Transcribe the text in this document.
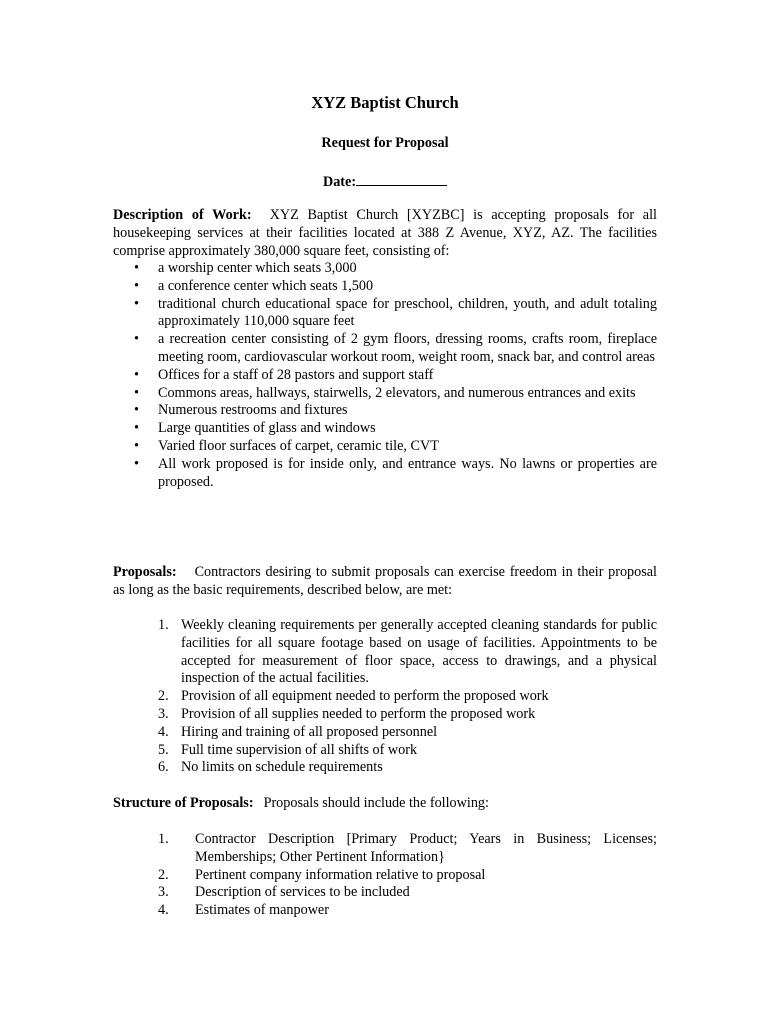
XYZ Baptist Church
Request for Proposal
Date:
Description of Work: XYZ Baptist Church [XYZBC] is accepting proposals for all housekeeping services at their facilities located at 388 Z Avenue, XYZ, AZ. The facilities comprise approximately 380,000 square feet, consisting of:
• a worship center which seats 3,000
• a conference center which seats 1,500
• traditional church educational space for preschool, children, youth, and adult totaling approximately 110,000 square feet
• a recreation center consisting of 2 gym floors, dressing rooms, crafts room, fireplace meeting room, cardiovascular workout room, weight room, snack bar, and control areas
• Offices for a staff of 28 pastors and support staff
• Commons areas, hallways, stairwells, 2 elevators, and numerous entrances and exits
• Numerous restrooms and fixtures
• Large quantities of glass and windows
• Varied floor surfaces of carpet, ceramic tile, CVT
• All work proposed is for inside only, and entrance ways. No lawns or properties are proposed.
Proposals: Contractors desiring to submit proposals can exercise freedom in their proposal as long as the basic requirements, described below, are met:
1. Weekly cleaning requirements per generally accepted cleaning standards for public facilities for all square footage based on usage of facilities. Appointments to be accepted for measurement of floor space, access to drawings, and a physical inspection of the actual facilities.
2. Provision of all equipment needed to perform the proposed work
3. Provision of all supplies needed to perform the proposed work
4. Hiring and training of all proposed personnel
5. Full time supervision of all shifts of work
6. No limits on schedule requirements
Structure of Proposals: Proposals should include the following:
1. Contractor Description [Primary Product; Years in Business; Licenses; Memberships; Other Pertinent Information}
2. Pertinent company information relative to proposal
3. Description of services to be included
4. Estimates of manpower
